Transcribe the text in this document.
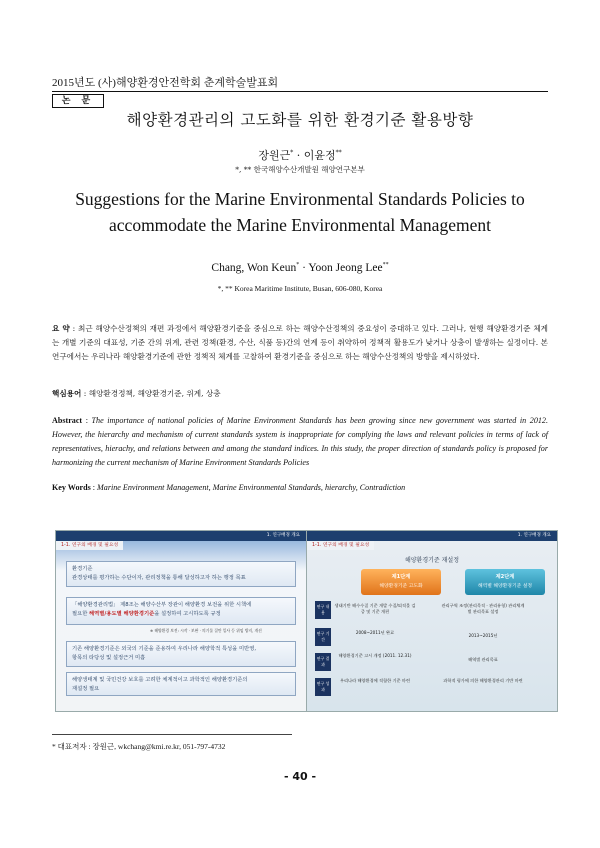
2015년도 (사)해양환경안전학회 춘계학술발표회
논 문
해양환경관리의 고도화를 위한 환경기준 활용방향
장원근* · 이윤정**
*, ** 한국해양수산개발원 해양연구본부
Suggestions for the Marine Environmental Standards Policies to accommodate the Marine Environmental Management
Chang, Won Keun* · Yoon Jeong Lee**
*, ** Korea Maritime Institute, Busan, 606-080, Korea
요 약 : 최근 해양수산정책의 재편 과정에서 해양환경기준을 중심으로 하는 해양수산정책의 중요성이 증대하고 있다. 그러나, 현행 해양환경기준 체계는 개별 기준의 대표성, 기준 간의 위계, 관련 정책(환경, 수산, 식품 등)간의 연계 등이 취약하여 정책적 활용도가 낮거나 상충이 발생하는 실정이다. 본 연구에서는 우리나라 해양환경기준에 관한 정책적 체계를 고찰하여 환경기준을 중심으로 하는 해양수산정책의 방향을 제시하였다.
핵심용어 : 해양환경정책, 해양환경기준, 위계, 상충
Abstract : The importance of national policies of Marine Environment Standards has been growing since new government was started in 2012. However, the hierarchy and mechanism of current standards system is inappropriate for complying the laws and relevant policies in terms of lack of representatives, hierachy, and relations between and among the standard indices. In this study, the proper direction of standards policy is proposed for harmonizing the current mechanism of Marine Environment Standards Policies
Key Words : Marine Environment Management, Marine Environmental Standards, hierarchy, Contradiction
1. 연구배경 개요
1-1. 연구의 배경 및 필요성
환경기준
관경상태를 평가하는 수단이자, 관리정책을 통해 달성하고자 하는 행정 목표
「해양환경관리법」 제8조는 해양수산부 장관이 해양환경 보전을 위한 시책에
필요한 해역별/용도별 해양환경기준을 설정하여 고시하도록 규정
※ 해양환경 보전: 시작 · 보완 · 의기물 질만 일사 등 위임 방지, 개선
기존 해양환경기준은 외국의 기준을 준용하여 우리나라 해양학적 특성을 미반영,
항목의 타당성 및 설정근거 미흡
해양생태계 및 국민건강 보호를 고려한 체계적이고 과학적인 해양환경기준의
재설정 필요
1. 연구배경 개요
1-1. 연구의 배경 및 필요성
해양환경기준 재설정
제1단계
해양환경기준 고도화
제2단계
해역별 해양환경기준 설정
연구 내용
생태기반 해수수질 기준 개발 수질/퇴적물 검증 및 기준 개편
관리구역 조정(관리목적 · 관리유형) 관리체계별 관리목표 설정
연구 기간
2008~2011년 완료
2013~2015년
연구 결과
해양환경기준 고시 개정 (2011. 12.31)
해역별 관리목표
연구 성과
우리나라 해양환경에 적합한 기준 마련	과학적 평가에 의한 해양환경관리 기반 마련
* 대표저자 : 장원근, wkchang@kmi.re.kr, 051-797-4732
- 40 -
